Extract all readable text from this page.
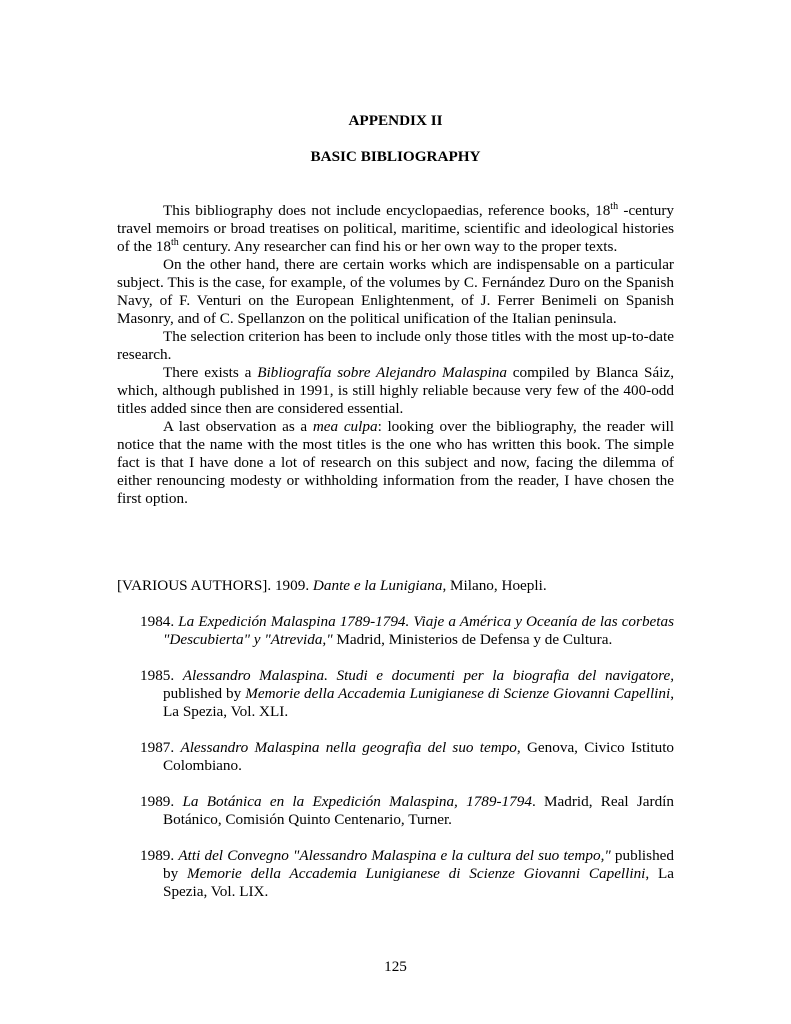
APPENDIX II
BASIC BIBLIOGRAPHY

This bibliography does not include encyclopaedias, reference books, 18th -century travel memoirs or broad treatises on political, maritime, scientific and ideological histories of the 18th century. Any researcher can find his or her own way to the proper texts.

On the other hand, there are certain works which are indispensable on a particular subject. This is the case, for example, of the volumes by C. Fernández Duro on the Spanish Navy, of F. Venturi on the European Enlightenment, of J. Ferrer Benimeli on Spanish Masonry, and of C. Spellanzon on the political unification of the Italian peninsula.

The selection criterion has been to include only those titles with the most up-to-date research.

There exists a Bibliografía sobre Alejandro Malaspina compiled by Blanca Sáiz, which, although published in 1991, is still highly reliable because very few of the 400-odd titles added since then are considered essential.

A last observation as a mea culpa: looking over the bibliography, the reader will notice that the name with the most titles is the one who has written this book. The simple fact is that I have done a lot of research on this subject and now, facing the dilemma of either renouncing modesty or withholding information from the reader, I have chosen the first option.

[VARIOUS AUTHORS]. 1909. Dante e la Lunigiana, Milano, Hoepli.
1984. La Expedición Malaspina 1789-1794. Viaje a América y Oceanía de las corbetas "Descubierta" y "Atrevida," Madrid, Ministerios de Defensa y de Cultura.
1985. Alessandro Malaspina. Studi e documenti per la biografia del navigatore, published by Memorie della Accademia Lunigianese di Scienze Giovanni Capellini, La Spezia, Vol. XLI.
1987. Alessandro Malaspina nella geografia del suo tempo, Genova, Civico Istituto Colombiano.
1989. La Botánica en la Expedición Malaspina, 1789-1794. Madrid, Real Jardín Botánico, Comisión Quinto Centenario, Turner.
1989. Atti del Convegno "Alessandro Malaspina e la cultura del suo tempo," published by Memorie della Accademia Lunigianese di Scienze Giovanni Capellini, La Spezia, Vol. LIX.
125
